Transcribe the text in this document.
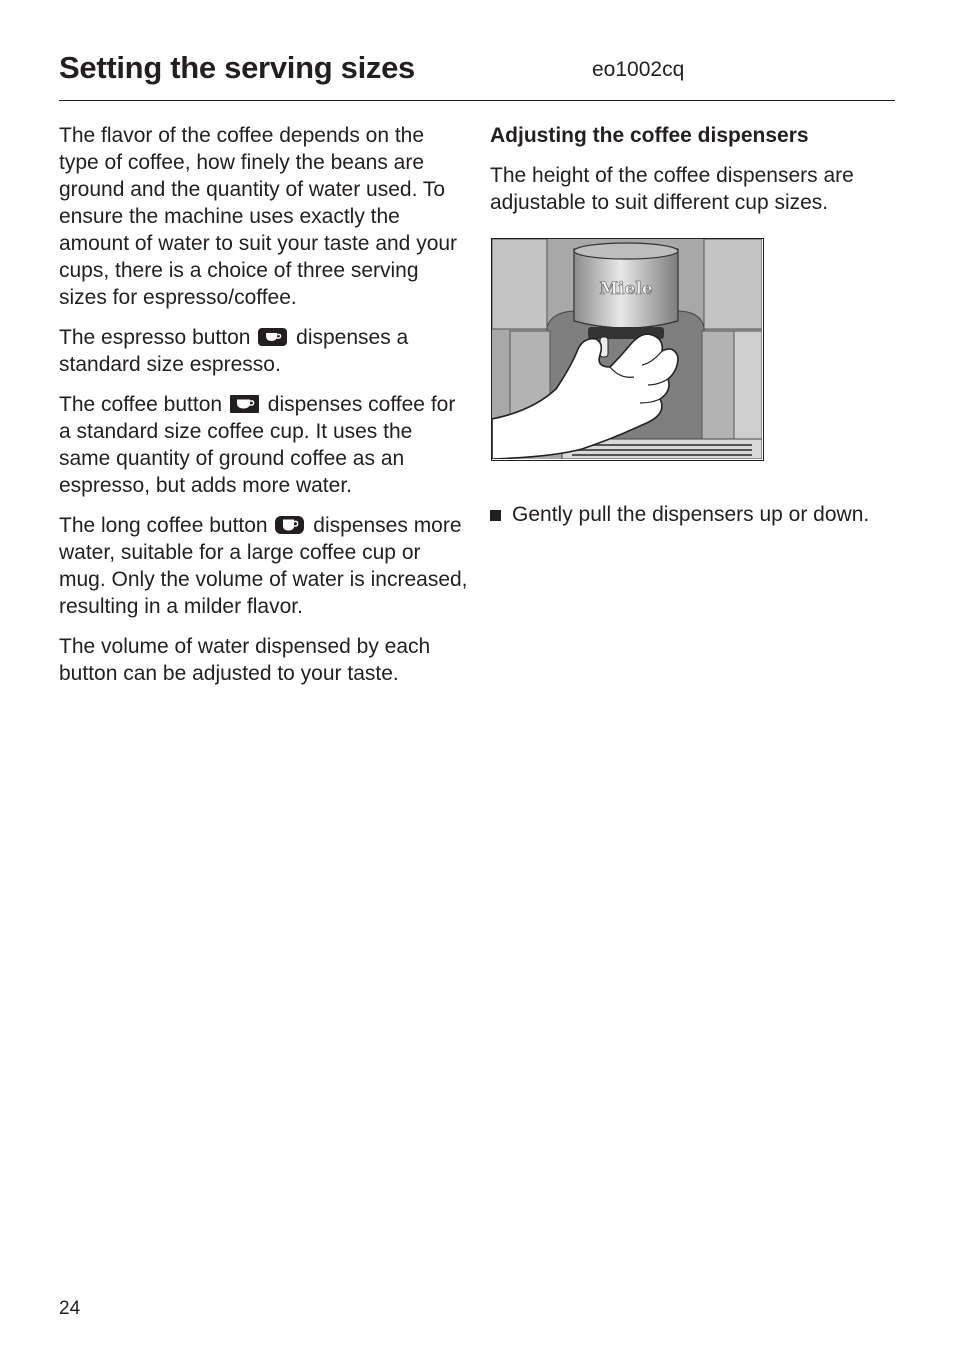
Setting the serving sizes	eo1002cq

The flavor of the coffee depends on the type of coffee, how finely the beans are ground and the quantity of water used. To ensure the machine uses exactly the amount of water to suit your taste and your cups, there is a choice of three serving sizes for espresso/coffee.

The espresso button dispenses a standard size espresso.

The coffee button dispenses coffee for a standard size coffee cup. It uses the same quantity of ground coffee as an espresso, but adds more water.

The long coffee button dispenses more water, suitable for a large coffee cup or mug. Only the volume of water is increased, resulting in a milder flavor.

The volume of water dispensed by each button can be adjusted to your taste.

Adjusting the coffee dispensers

The height of the coffee dispensers are adjustable to suit different cup sizes.

Miele
Gently pull the dispensers up or down.
24
